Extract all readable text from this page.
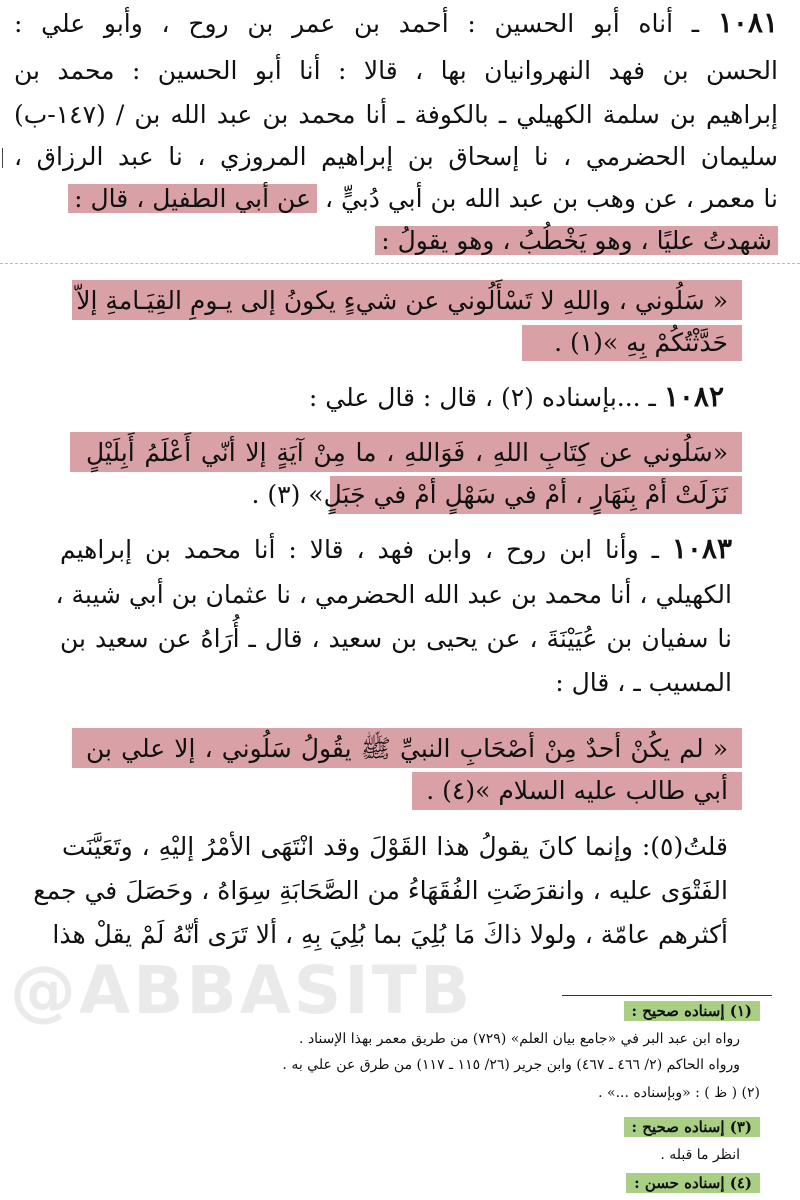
@ABBASITB
١٠٨١ ـ أناه أبو الحسين : أحمد بن عمر بن روح ، وأبو علي :
الحسن بن فهد النهروانيان بها ، قالا : أنا أبو الحسين : محمد بن
إبراهيم بن سلمة الكهيلي ـ بالكوفة ـ أنا محمد بن عبد الله بن / (١٤٧-ب)
سليمان الحضرمي ، نا إسحاق بن إبراهيم المروزي ، نا عبد الرزاق ،
نا معمر ، عن وهب بن عبد الله بن أبي دُبيٍّ ، عن أبي الطفيل ، قال :
شهدتُ عليًا ، وهو يَخْطُبُ ، وهو يقولُ :
« سَلُوني ، واللهِ لا تَسْأَلُوني عن شيءٍ يكونُ إلى يـومِ القِيَـامةِ إلاّ
حَدَّثْتُكُمْ بِهِ »(١) .
١٠٨٢ ـ ...بإسناده (٢) ، قال : قال علي :
«سَلُوني عن كِتَابِ اللهِ ، فَوَاللهِ ، ما مِنْ آيَةٍ إلا أنّي أَعْلَمُ أَبِلَيْلٍ
نَزَلَتْ أمْ بِنَهَارٍ ، أمْ في سَهْلٍ أمْ في جَبَلٍ» (٣) .
١٠٨٣ ـ وأنا ابن روح ، وابن فهد ، قالا : أنا محمد بن إبراهيم
الكهيلي ، أنا محمد بن عبد الله الحضرمي ، نا عثمان بن أبي شيبة ،
نا سفيان بن عُيَيْنَةَ ، عن يحيى بن سعيد ، قال ـ أُرَاهُ عن سعيد بن
المسيب ـ ، قال :
« لم يكُنْ أحدٌ مِنْ أصْحَابِ النبيِّ ﷺ يقُولُ سَلُوني ، إلا علي بن
أبي طالب عليه السلام »(٤) .
قلتُ(٥): وإنما كانَ يقولُ هذا القَوْلَ وقد انْتَهَى الأمْرُ إليْهِ ، وتَعَيَّنَت
الفَتْوَى عليه ، وانقرَضَتِ الفُقَهَاءُ من الصَّحَابَةِ سِوَاهُ ، وحَصَلَ في جمع
أكثرهم عامّة ، ولولا ذاكَ مَا بُلِيَ بما بُلِيَ بِهِ ، ألا تَرَى أنّهُ لَمْ يقلْ هذا
(١) إسناده صحيح :
رواه ابن عبد البر في «جامع بيان العلم» (٧٢٩) من طريق معمر بهذا الإسناد .
ورواه الحاكم (٢/ ٤٦٦ ـ ٤٦٧) وابن جرير (٢٦/ ١١٥ ـ ١١٧) من طرق عن علي به .
(٢) ( ظ ) : «وبإسناده ...» .
(٣) إسناده صحيح :
انظر ما قبله .
(٤) إسناده حسن :
